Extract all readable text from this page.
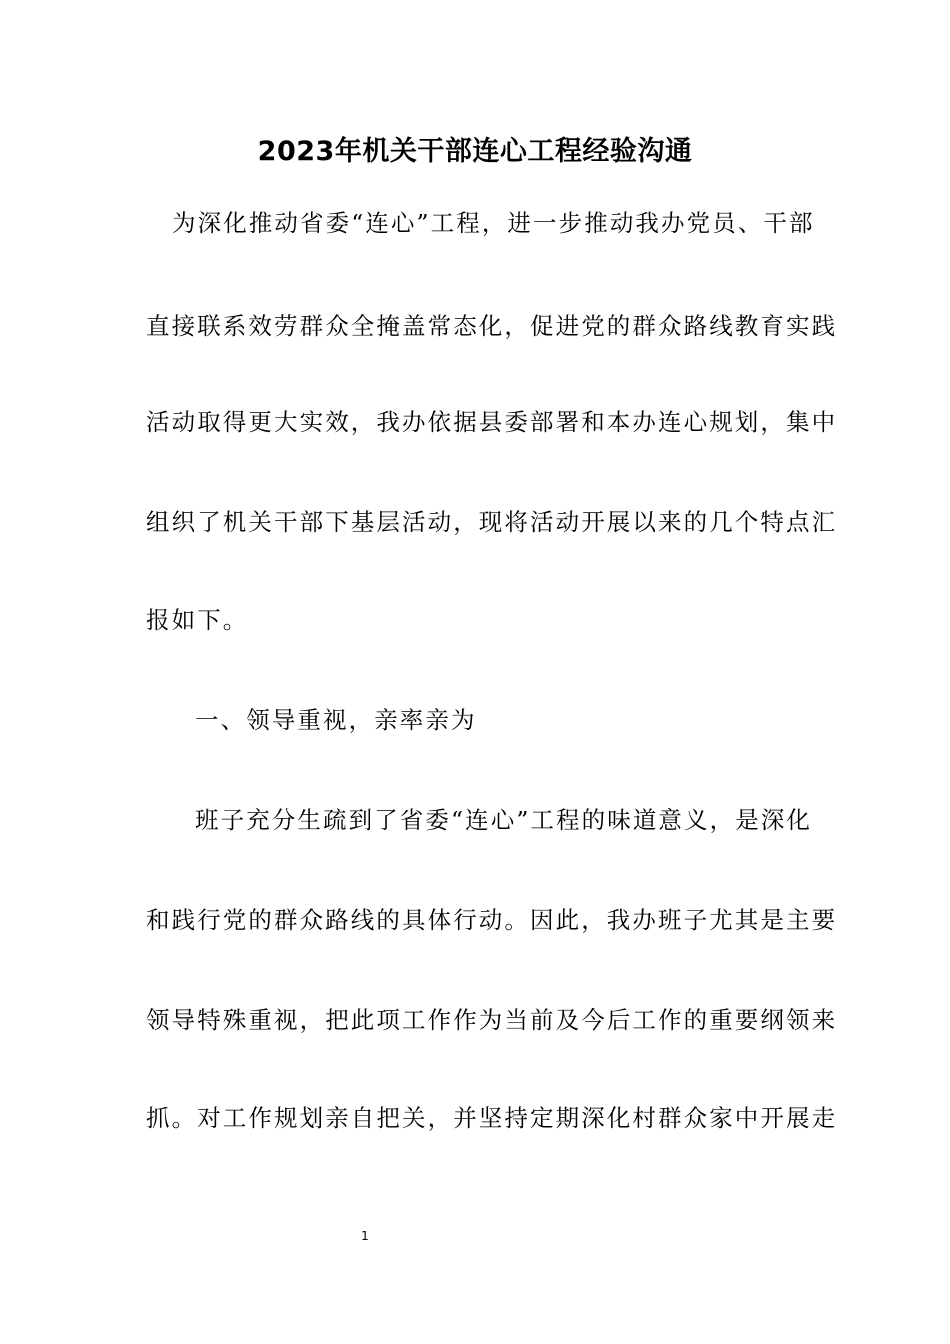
2023年机关干部连心工程经验沟通
为深化推动省委“连心”工程，进一步推动我办党员、干部
直接联系效劳群众全掩盖常态化，促进党的群众路线教育实践
活动取得更大实效，我办依据县委部署和本办连心规划，集中
组织了机关干部下基层活动，现将活动开展以来的几个特点汇
报如下。
一、领导重视，亲率亲为
班子充分生疏到了省委“连心”工程的味道意义，是深化
和践行党的群众路线的具体行动。因此，我办班子尤其是主要
领导特殊重视，把此项工作作为当前及今后工作的重要纲领来
抓。对工作规划亲自把关，并坚持定期深化村群众家中开展走
1
